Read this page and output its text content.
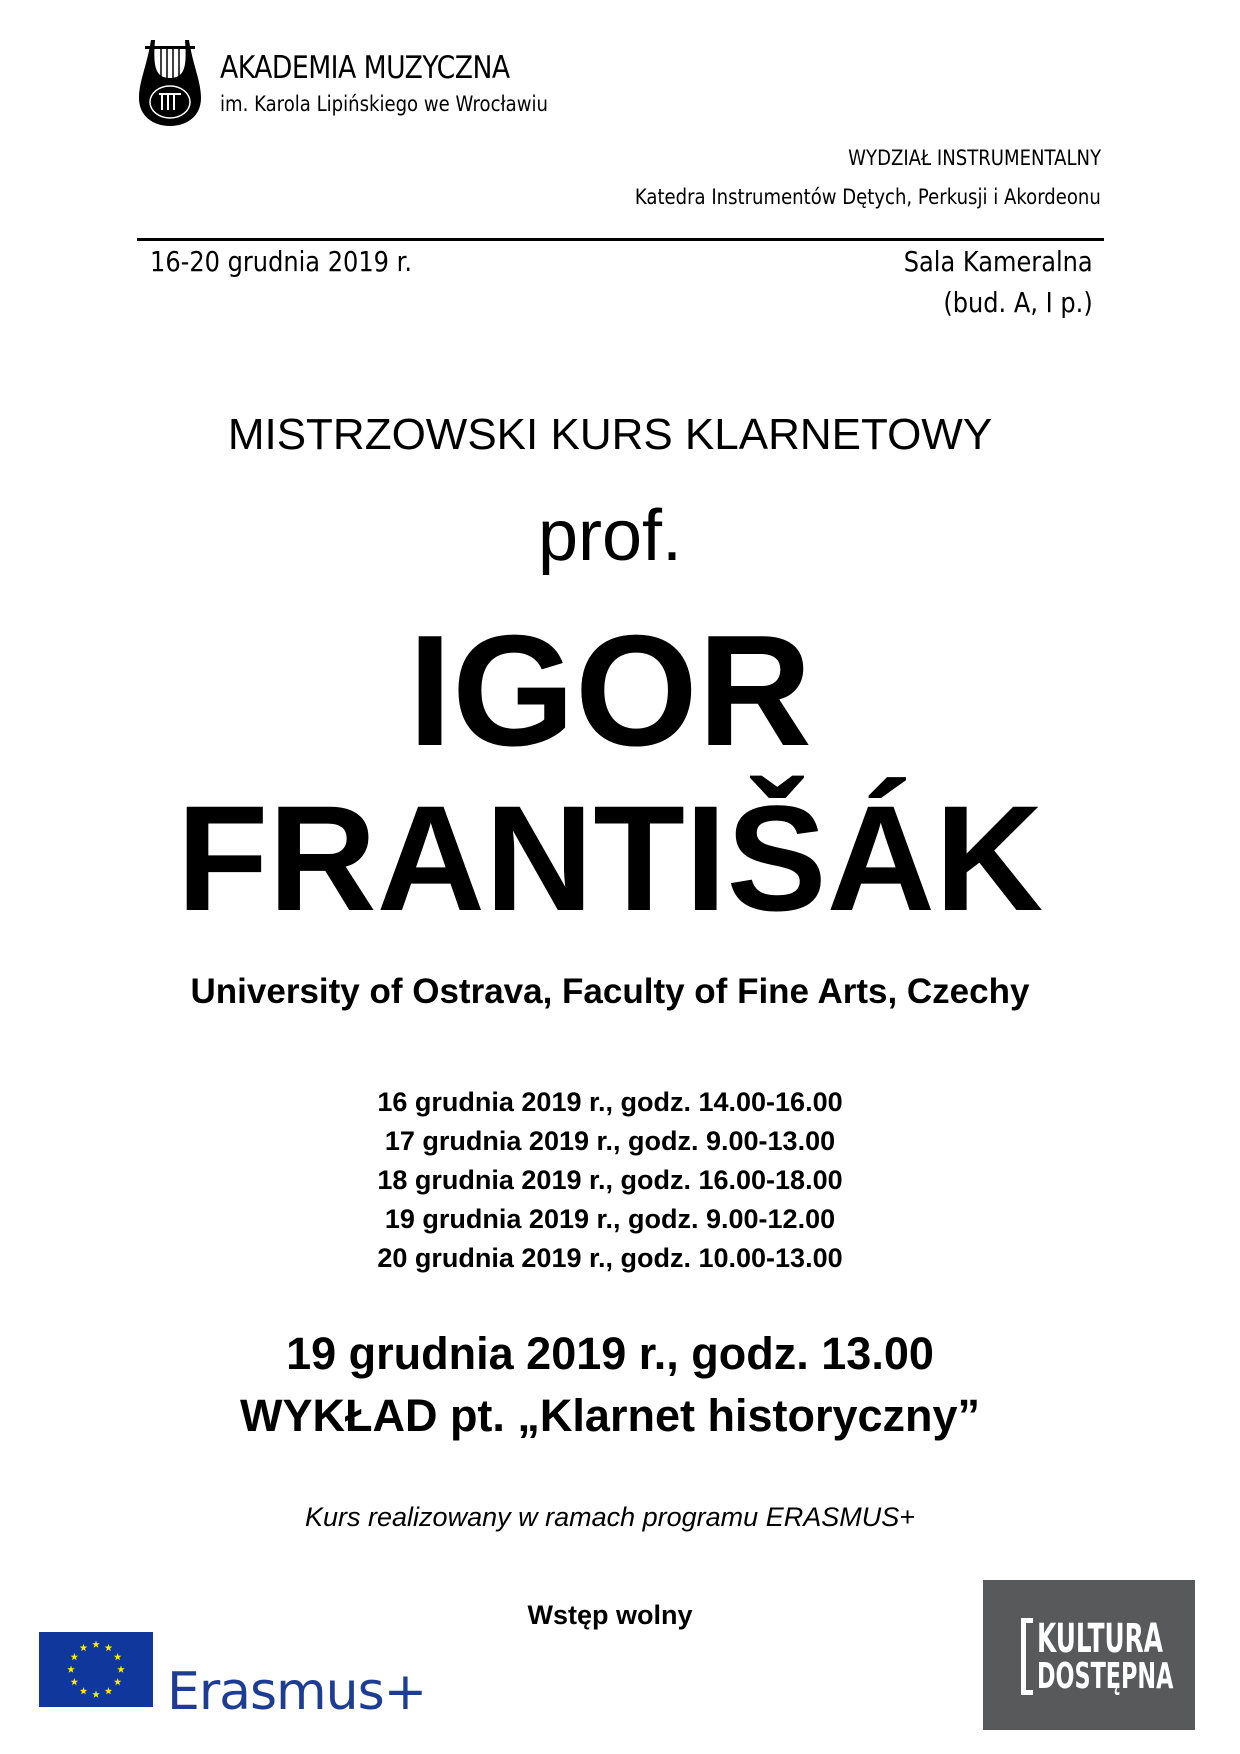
AKADEMIA MUZYCZNA
im. Karola Lipińskiego we Wrocławiu
WYDZIAŁ INSTRUMENTALNY
Katedra Instrumentów Dętych, Perkusji i Akordeonu
16-20 grudnia 2019 r.	Sala Kameralna
(bud. A, I p.)
MISTRZOWSKI KURS KLARNETOWY
prof.
IGOR
FRANTIŠÁK
University of Ostrava, Faculty of Fine Arts, Czechy
16 grudnia 2019 r., godz. 14.00-16.00
17 grudnia 2019 r., godz. 9.00-13.00
18 grudnia 2019 r., godz. 16.00-18.00
19 grudnia 2019 r., godz. 9.00-12.00
20 grudnia 2019 r., godz. 10.00-13.00
19 grudnia 2019 r., godz. 13.00
WYKŁAD pt. „Klarnet historyczny”
Kurs realizowany w ramach programu ERASMUS+
Wstęp wolny
Erasmus+
KULTURA
DOSTĘPNA
